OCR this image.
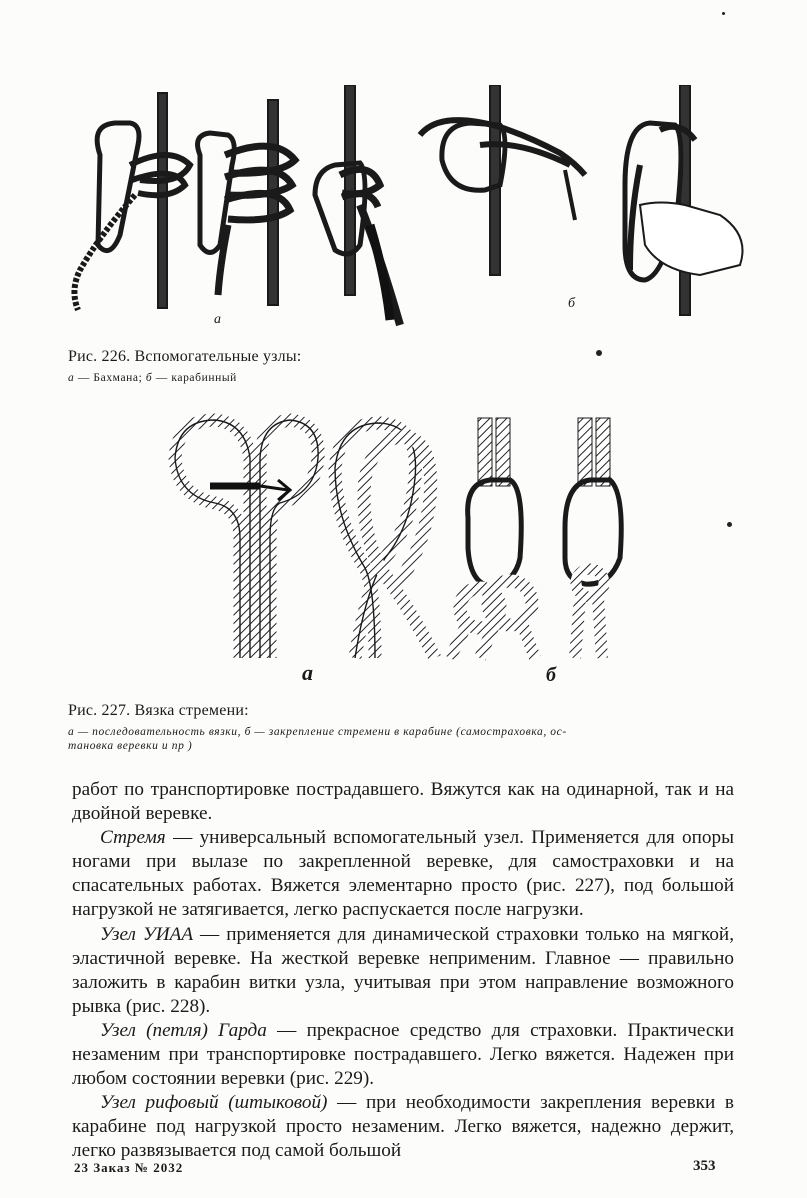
а
б
Рис. 226. Вспомогательные узлы:
а — Бахмана; б — карабинный
а	б
Рис. 227. Вязка стремени:
а — последовательность вязки, б — закрепление стремени в карабине (самостраховка, ос-
тановка веревки и пр )

работ по транспортировке пострадавшего. Вяжутся как на одинарной, так и на двойной веревке.

Стремя — универсальный вспомогательный узел. Применяется для опоры ногами при вылазе по закрепленной веревке, для самостраховки и на спасательных работах. Вяжется элементарно просто (рис. 227), под большой нагрузкой не затягивается, легко распускается после нагрузки.

Узел УИАА — применяется для динамической страховки только на мягкой, эластичной веревке. На жесткой веревке неприменим. Главное — правильно заложить в карабин витки узла, учитывая при этом направление возможного рывка (рис. 228).

Узел (петля) Гарда — прекрасное средство для страховки. Практически незаменим при транспортировке пострадавшего. Легко вяжется. Надежен при любом состоянии веревки (рис. 229).

Узел рифовый (штыковой) — при необходимости закрепления веревки в карабине под нагрузкой просто незаменим. Легко вяжется, надежно держит, легко развязывается под самой большой

23 Заказ № 2032	353
